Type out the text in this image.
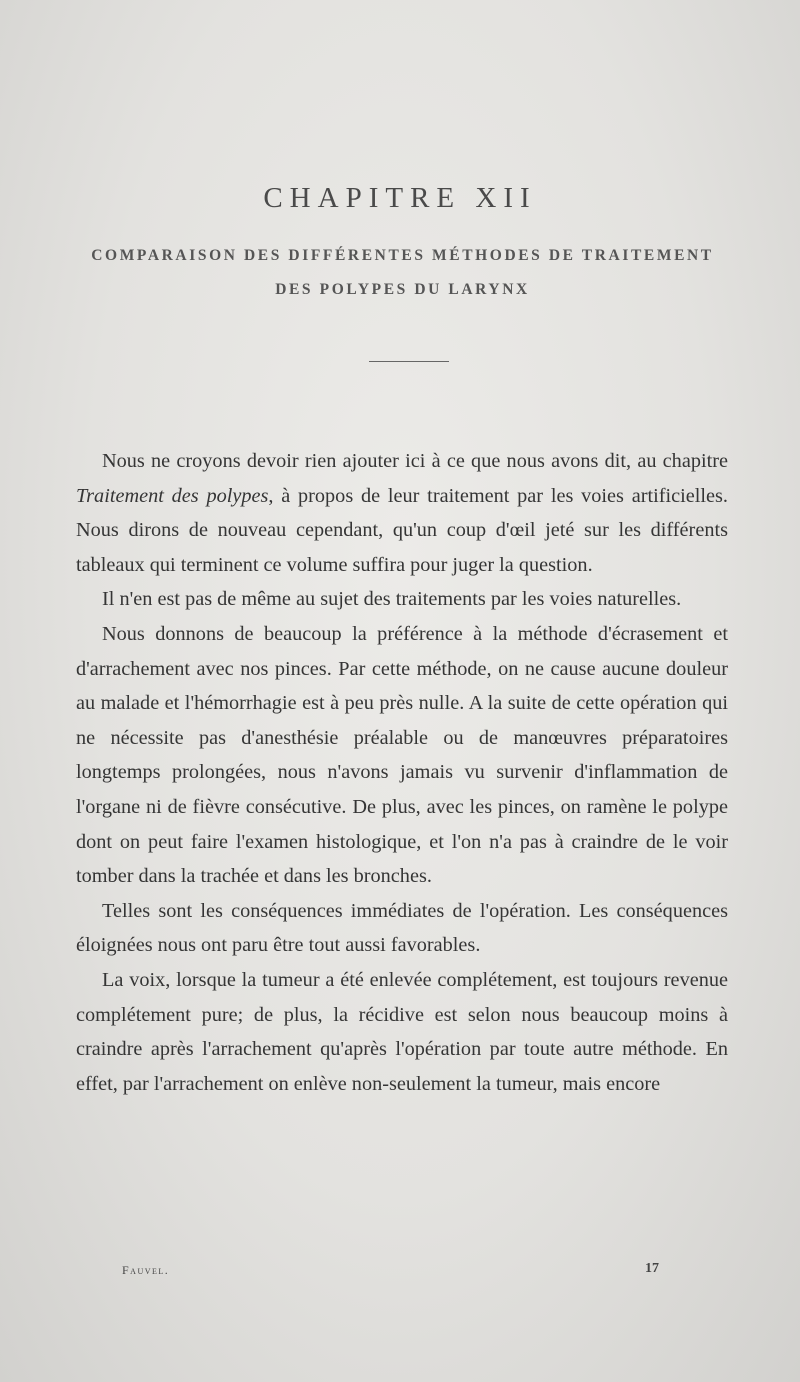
CHAPITRE XII
COMPARAISON DES DIFFÉRENTES MÉTHODES DE TRAITEMENT
DES POLYPES DU LARYNX

Nous ne croyons devoir rien ajouter ici à ce que nous avons dit, au chapitre Traitement des polypes, à propos de leur traitement par les voies artificielles. Nous dirons de nouveau cependant, qu'un coup d'œil jeté sur les différents tableaux qui terminent ce volume suffira pour juger la question.

Il n'en est pas de même au sujet des traitements par les voies naturelles.

Nous donnons de beaucoup la préférence à la méthode d'écrasement et d'arrachement avec nos pinces. Par cette méthode, on ne cause aucune douleur au malade et l'hémorrhagie est à peu près nulle. A la suite de cette opération qui ne nécessite pas d'anesthésie préalable ou de manœuvres préparatoires longtemps prolongées, nous n'avons jamais vu survenir d'inflammation de l'organe ni de fièvre consécutive. De plus, avec les pinces, on ramène le polype dont on peut faire l'examen histologique, et l'on n'a pas à craindre de le voir tomber dans la trachée et dans les bronches.

Telles sont les conséquences immédiates de l'opération. Les conséquences éloignées nous ont paru être tout aussi favorables.

La voix, lorsque la tumeur a été enlevée complétement, est toujours revenue complétement pure; de plus, la récidive est selon nous beaucoup moins à craindre après l'arrachement qu'après l'opération par toute autre méthode. En effet, par l'arrachement on enlève non-seulement la tumeur, mais encore

Fauvel.	17
